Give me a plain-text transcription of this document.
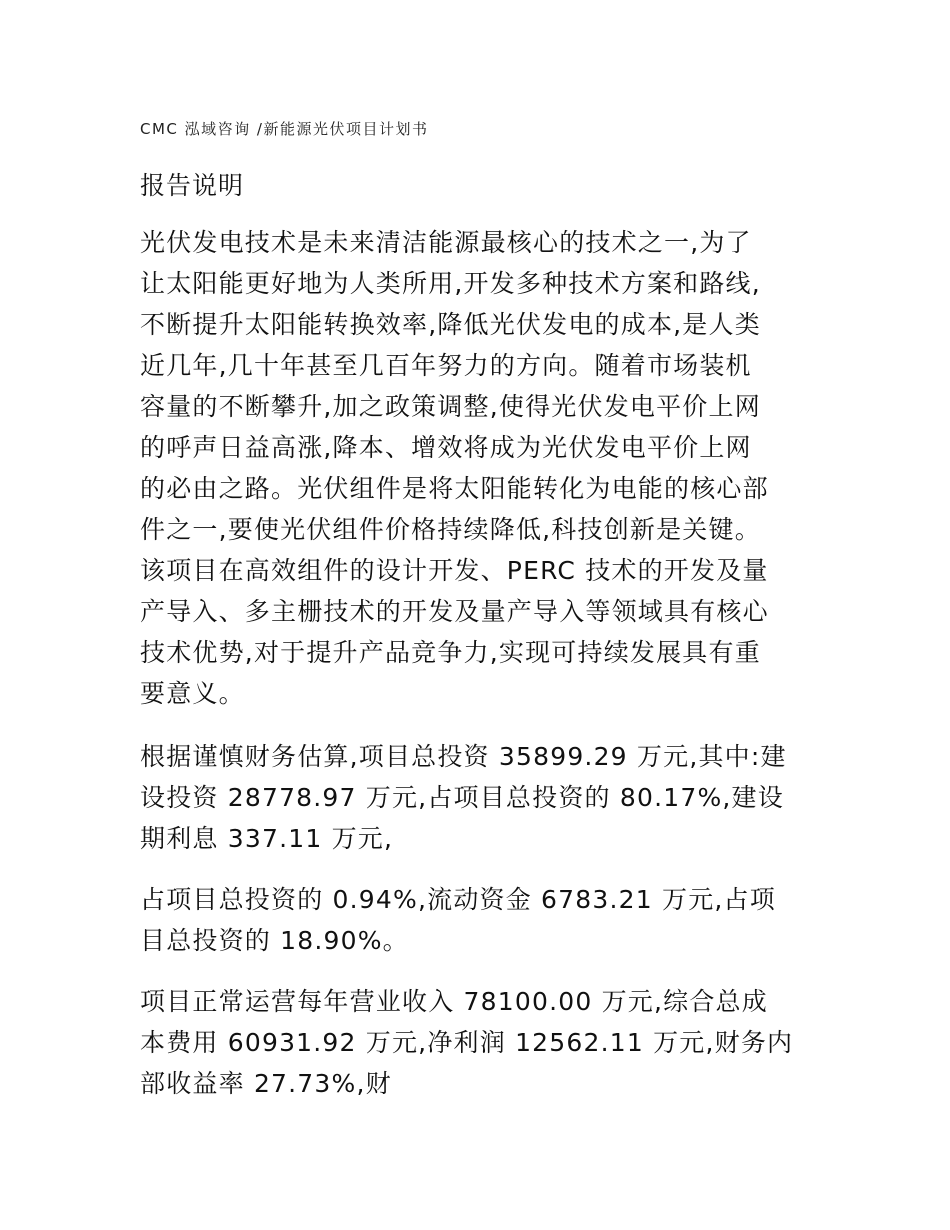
CMC 泓域咨询 /新能源光伏项目计划书
报告说明
光伏发电技术是未来清洁能源最核心的技术之一,为了
让太阳能更好地为人类所用,开发多种技术方案和路线,
不断提升太阳能转换效率,降低光伏发电的成本,是人类
近几年,几十年甚至几百年努力的方向。随着市场装机
容量的不断攀升,加之政策调整,使得光伏发电平价上网
的呼声日益高涨,降本、增效将成为光伏发电平价上网
的必由之路。光伏组件是将太阳能转化为电能的核心部
件之一,要使光伏组件价格持续降低,科技创新是关键。
该项目在高效组件的设计开发、PERC 技术的开发及量
产导入、多主栅技术的开发及量产导入等领域具有核心
技术优势,对于提升产品竞争力,实现可持续发展具有重
要意义。
根据谨慎财务估算,项目总投资 35899.29 万元,其中:建
设投资 28778.97 万元,占项目总投资的 80.17%,建设
期利息 337.11 万元,
占项目总投资的 0.94%,流动资金 6783.21 万元,占项
目总投资的 18.90%。
项目正常运营每年营业收入 78100.00 万元,综合总成
本费用 60931.92 万元,净利润 12562.11 万元,财务内
部收益率 27.73%,财
